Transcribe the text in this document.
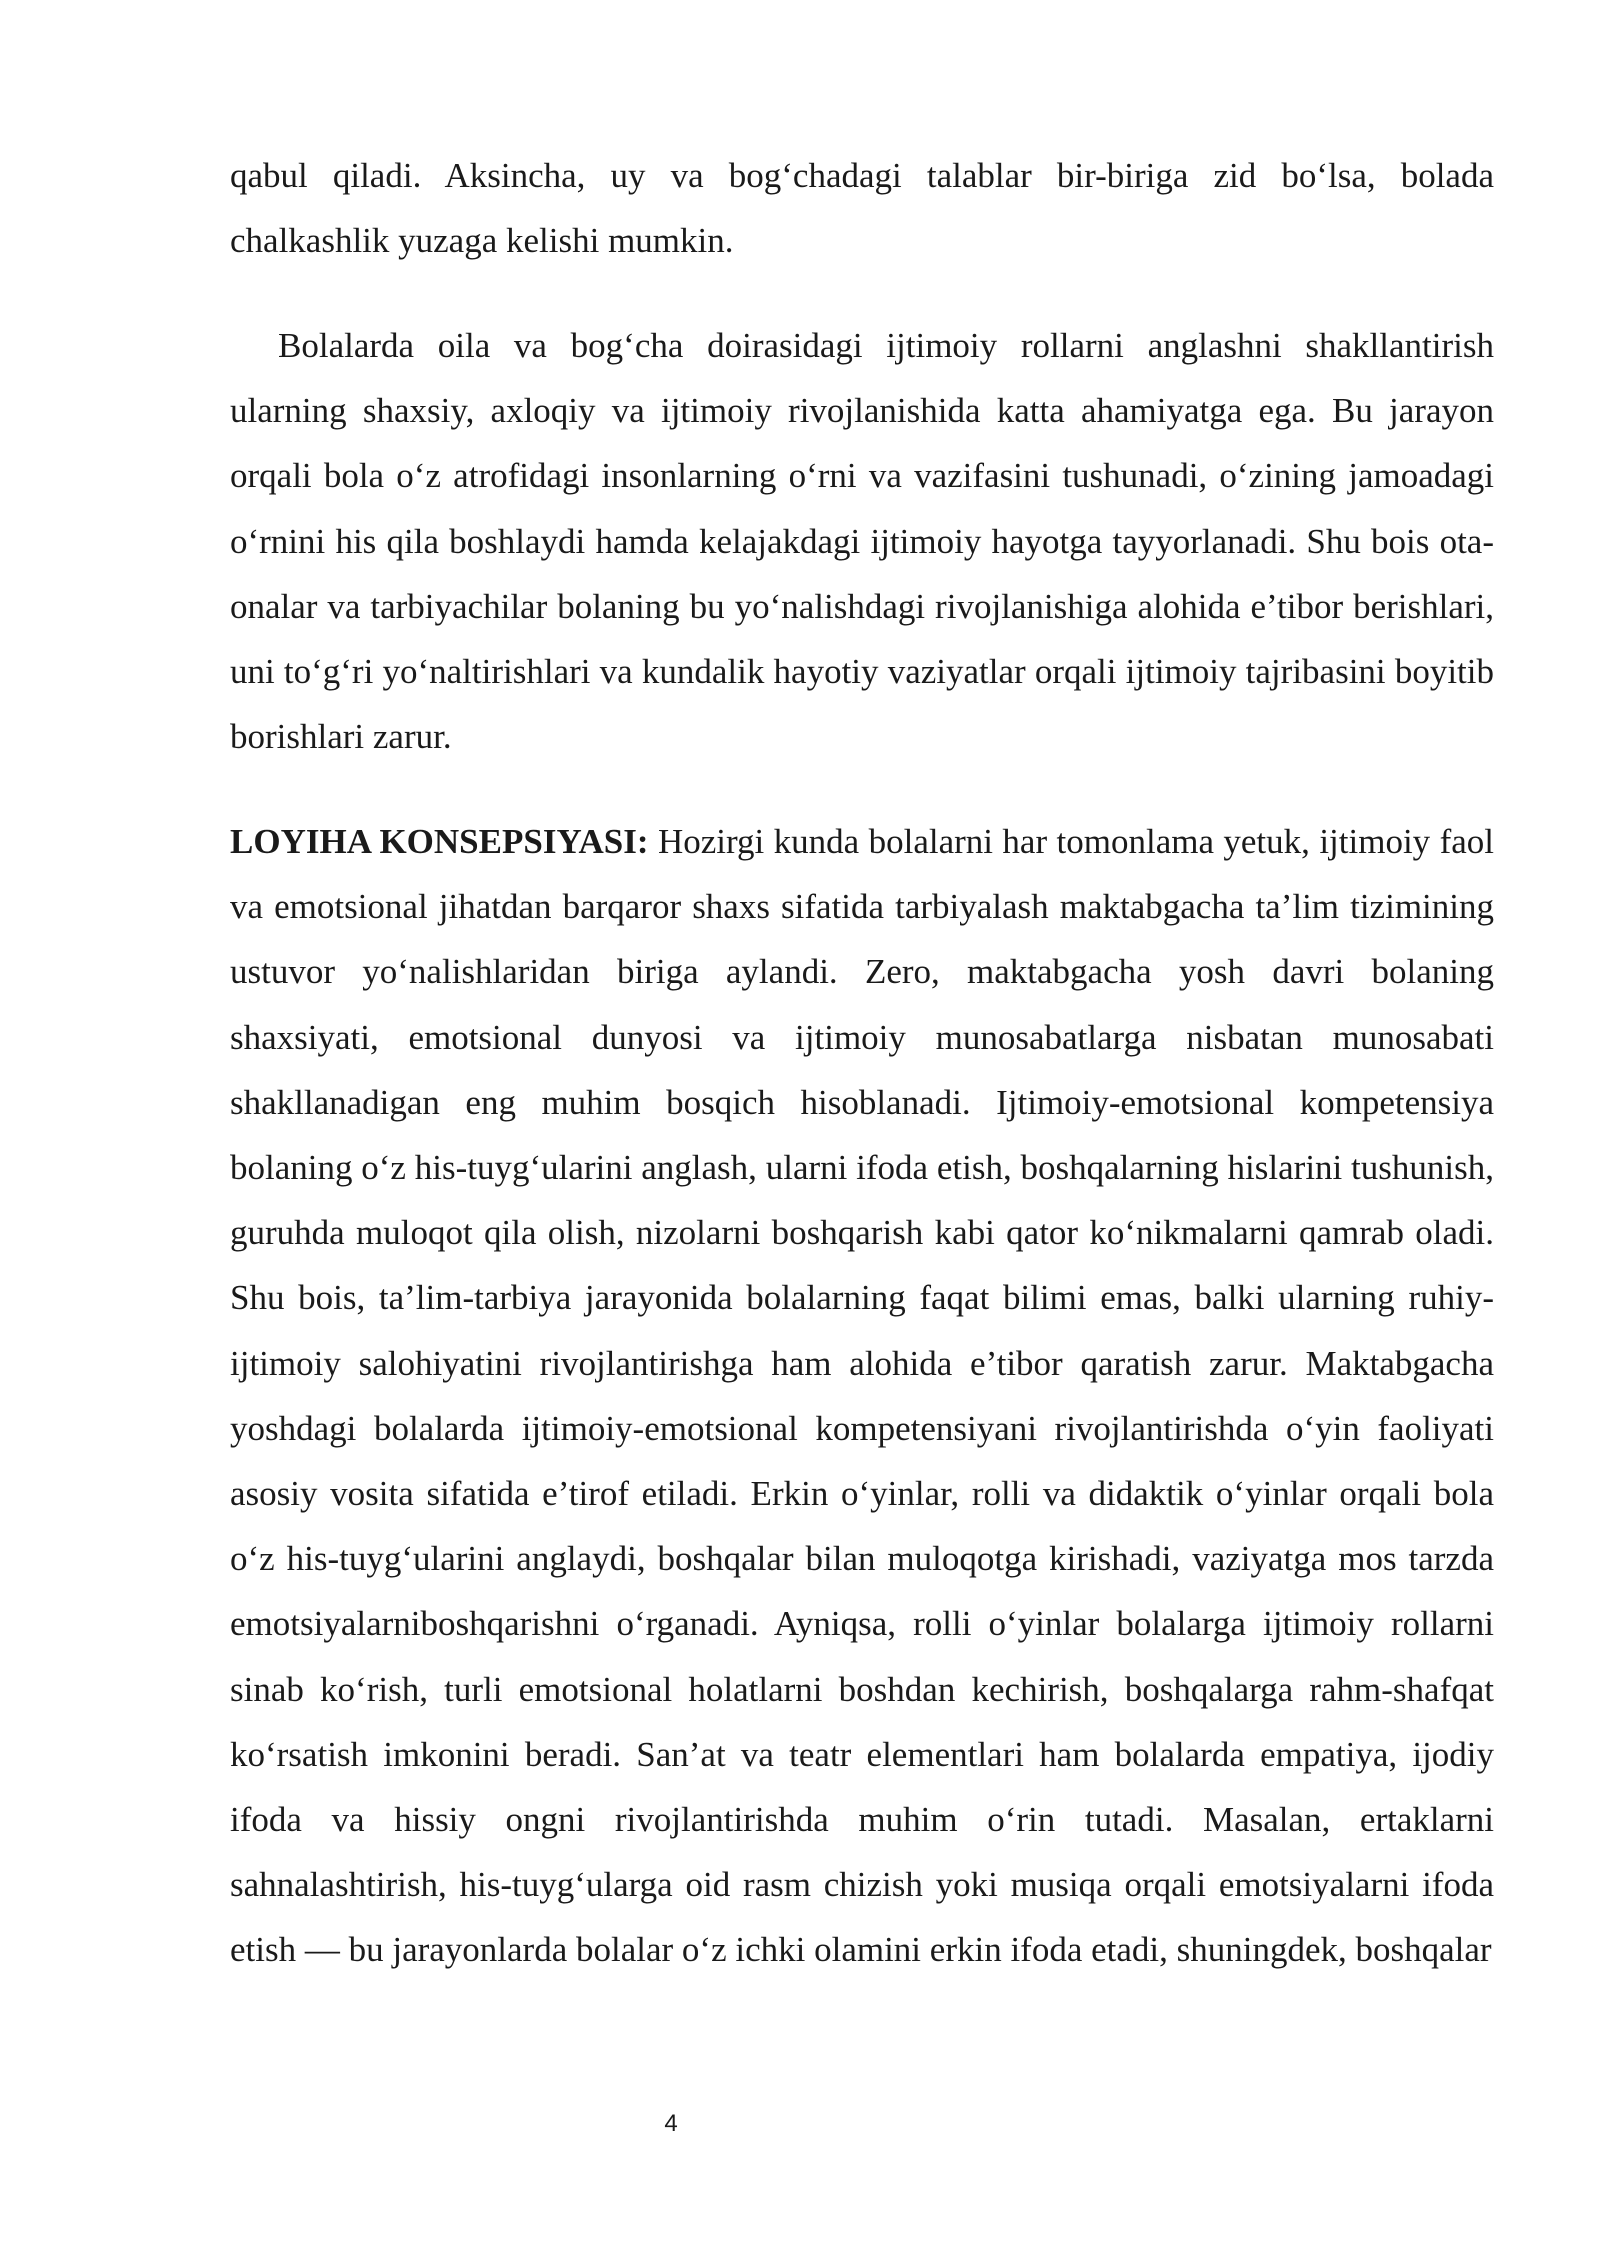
qabul qiladi. Aksincha, uy va bog‘chadagi talablar bir-biriga zid bo‘lsa, bolada chalkashlik yuzaga kelishi mumkin.

Bolalarda oila va bog‘cha doirasidagi ijtimoiy rollarni anglashni shakllantirish ularning shaxsiy, axloqiy va ijtimoiy rivojlanishida katta ahamiyatga ega. Bu jarayon orqali bola o‘z atrofidagi insonlarning o‘rni va vazifasini tushunadi, o‘zining jamoadagi o‘rnini his qila boshlaydi hamda kelajakdagi ijtimoiy hayotga tayyorlanadi. Shu bois ota-onalar va tarbiyachilar bolaning bu yo‘nalishdagi rivojlanishiga alohida e’tibor berishlari, uni to‘g‘ri yo‘naltirishlari va kundalik hayotiy vaziyatlar orqali ijtimoiy tajribasini boyitib borishlari zarur.

LOYIHA KONSEPSIYASI: Hozirgi kunda bolalarni har tomonlama yetuk, ijtimoiy faol va emotsional jihatdan barqaror shaxs sifatida tarbiyalash maktabgacha ta’lim tizimining ustuvor yo‘nalishlaridan biriga aylandi. Zero, maktabgacha yosh davri bolaning shaxsiyati, emotsional dunyosi va ijtimoiy munosabatlarga nisbatan munosabati shakllanadigan eng muhim bosqich hisoblanadi. Ijtimoiy-emotsional kompetensiya bolaning o‘z his-tuyg‘ularini anglash, ularni ifoda etish, boshqalarning hislarini tushunish, guruhda muloqot qila olish, nizolarni boshqarish kabi qator ko‘nikmalarni qamrab oladi. Shu bois, ta’lim-tarbiya jarayonida bolalarning faqat bilimi emas, balki ularning ruhiy-ijtimoiy salohiyatini rivojlantirishga ham alohida e’tibor qaratish zarur. Maktabgacha yoshdagi bolalarda ijtimoiy-emotsional kompetensiyani rivojlantirishda o‘yin faoliyati asosiy vosita sifatida e’tirof etiladi. Erkin o‘yinlar, rolli va didaktik o‘yinlar orqali bola o‘z his-tuyg‘ularini anglaydi, boshqalar bilan muloqotga kirishadi, vaziyatga mos tarzda emotsiyalarniboshqarishni o‘rganadi. Ayniqsa, rolli o‘yinlar bolalarga ijtimoiy rollarni sinab ko‘rish, turli emotsional holatlarni boshdan kechirish, boshqalarga rahm-shafqat ko‘rsatish imkonini beradi. San’at va teatr elementlari ham bolalarda empatiya, ijodiy ifoda va hissiy ongni rivojlantirishda muhim o‘rin tutadi. Masalan, ertaklarni sahnalashtirish, his-tuyg‘ularga oid rasm chizish yoki musiqa orqali emotsiyalarni ifoda etish — bu jarayonlarda bolalar o‘z ichki olamini erkin ifoda etadi, shuningdek, boshqalar

4
